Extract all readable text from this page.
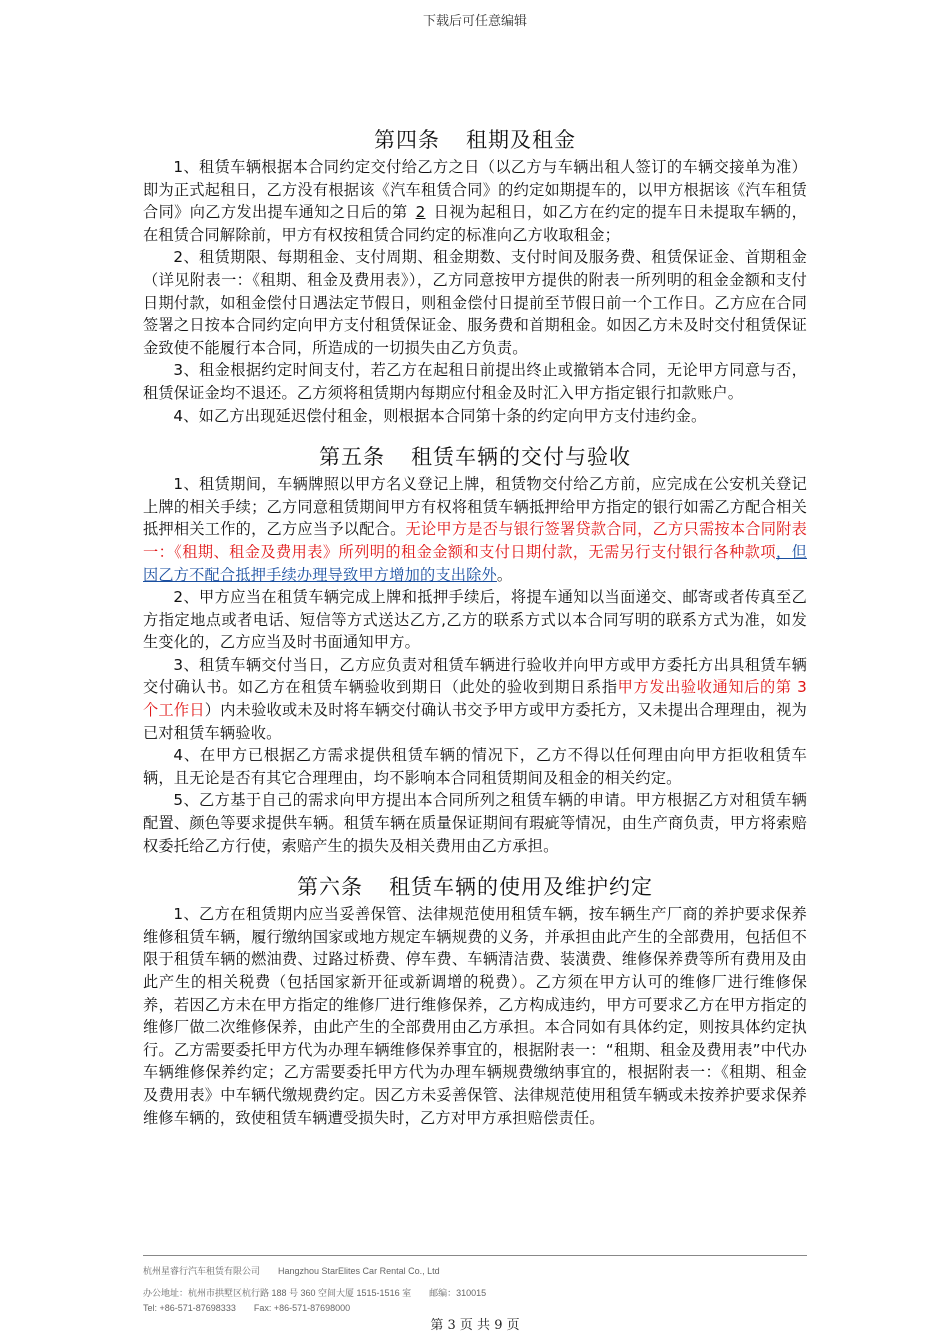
下载后可任意编辑
第四条 租期及租金

1、租赁车辆根据本合同约定交付给乙方之日（以乙方与车辆出租人签订的车辆交接单为准）即为正式起租日，乙方没有根据该《汽车租赁合同》的约定如期提车的，以甲方根据该《汽车租赁合同》向乙方发出提车通知之日后的第 2 日视为起租日，如乙方在约定的提车日未提取车辆的，在租赁合同解除前，甲方有权按租赁合同约定的标准向乙方收取租金；

2、租赁期限、每期租金、支付周期、租金期数、支付时间及服务费、租赁保证金、首期租金（详见附表一：《租期、租金及费用表》），乙方同意按甲方提供的附表一所列明的租金金额和支付日期付款，如租金偿付日遇法定节假日，则租金偿付日提前至节假日前一个工作日。乙方应在合同签署之日按本合同约定向甲方支付租赁保证金、服务费和首期租金。如因乙方未及时交付租赁保证金致使不能履行本合同，所造成的一切损失由乙方负责。

3、租金根据约定时间支付，若乙方在起租日前提出终止或撤销本合同，无论甲方同意与否，租赁保证金均不退还。乙方须将租赁期内每期应付租金及时汇入甲方指定银行扣款账户。

4、如乙方出现延迟偿付租金，则根据本合同第十条的约定向甲方支付违约金。

第五条 租赁车辆的交付与验收

1、租赁期间，车辆牌照以甲方名义登记上牌，租赁物交付给乙方前，应完成在公安机关登记上牌的相关手续；乙方同意租赁期间甲方有权将租赁车辆抵押给甲方指定的银行如需乙方配合相关抵押相关工作的，乙方应当予以配合。无论甲方是否与银行签署贷款合同，乙方只需按本合同附表一：《租期、租金及费用表》所列明的租金金额和支付日期付款，无需另行支付银行各种款项，但因乙方不配合抵押手续办理导致甲方增加的支出除外。

2、甲方应当在租赁车辆完成上牌和抵押手续后，将提车通知以当面递交、邮寄或者传真至乙方指定地点或者电话、短信等方式送达乙方,乙方的联系方式以本合同写明的联系方式为准，如发生变化的，乙方应当及时书面通知甲方。

3、租赁车辆交付当日，乙方应负责对租赁车辆进行验收并向甲方或甲方委托方出具租赁车辆交付确认书。如乙方在租赁车辆验收到期日（此处的验收到期日系指甲方发出验收通知后的第 3 个工作日）内未验收或未及时将车辆交付确认书交予甲方或甲方委托方，又未提出合理理由，视为已对租赁车辆验收。

4、在甲方已根据乙方需求提供租赁车辆的情况下，乙方不得以任何理由向甲方拒收租赁车辆，且无论是否有其它合理理由，均不影响本合同租赁期间及租金的相关约定。

5、乙方基于自己的需求向甲方提出本合同所列之租赁车辆的申请。甲方根据乙方对租赁车辆配置、颜色等要求提供车辆。租赁车辆在质量保证期间有瑕疵等情况，由生产商负责，甲方将索赔权委托给乙方行使，索赔产生的损失及相关费用由乙方承担。

第六条 租赁车辆的使用及维护约定

1、乙方在租赁期内应当妥善保管、法律规范使用租赁车辆，按车辆生产厂商的养护要求保养维修租赁车辆，履行缴纳国家或地方规定车辆规费的义务，并承担由此产生的全部费用，包括但不限于租赁车辆的燃油费、过路过桥费、停车费、车辆清洁费、装潢费、维修保养费等所有费用及由此产生的相关税费（包括国家新开征或新调增的税费）。乙方须在甲方认可的维修厂进行维修保养，若因乙方未在甲方指定的维修厂进行维修保养，乙方构成违约，甲方可要求乙方在甲方指定的维修厂做二次维修保养，由此产生的全部费用由乙方承担。本合同如有具体约定，则按具体约定执行。乙方需要委托甲方代为办理车辆维修保养事宜的，根据附表一：“租期、租金及费用表”中代办车辆维修保养约定；乙方需要委托甲方代为办理车辆规费缴纳事宜的，根据附表一：《租期、租金及费用表》中车辆代缴规费约定。因乙方未妥善保管、法律规范使用租赁车辆或未按养护要求保养维修车辆的，致使租赁车辆遭受损失时，乙方对甲方承担赔偿责任。

杭州星睿行汽车租赁有限公司 Hangzhou StarElites Car Rental Co., Ltd
办公地址：杭州市拱墅区杭行路 188 号 360 空间大厦 1515-1516 室 邮编：310015
Tel: +86-571-87698333 Fax: +86-571-87698000
第 3 页 共 9 页
